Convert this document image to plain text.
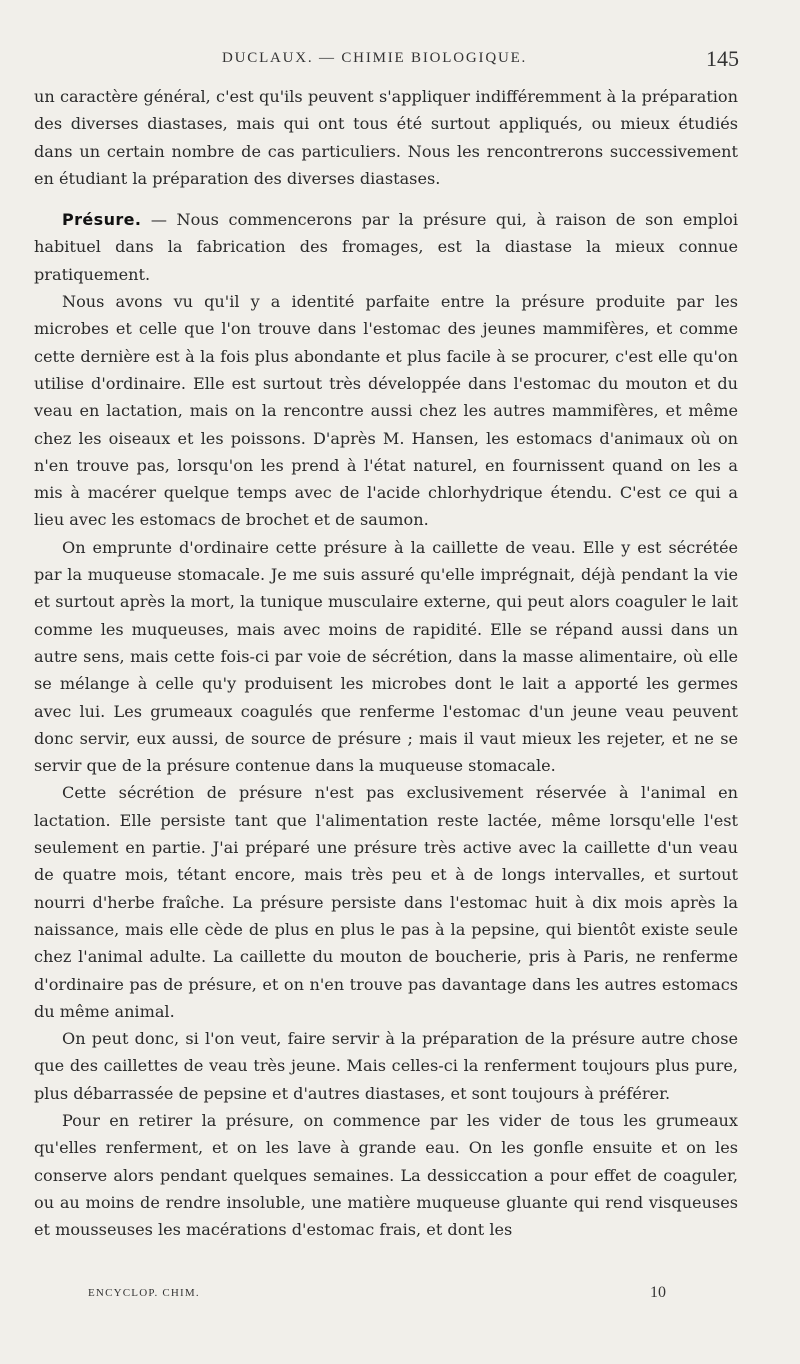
DUCLAUX. — CHIMIE BIOLOGIQUE.	145

un caractère général, c'est qu'ils peuvent s'appliquer indifféremment à la préparation des diverses diastases, mais qui ont tous été surtout appliqués, ou mieux étudiés dans un certain nombre de cas particuliers. Nous les rencontrerons successivement en étudiant la préparation des diverses diastases.

Présure. — Nous commencerons par la présure qui, à raison de son emploi habituel dans la fabrication des fromages, est la diastase la mieux connue pratiquement.

Nous avons vu qu'il y a identité parfaite entre la présure produite par les microbes et celle que l'on trouve dans l'estomac des jeunes mammifères, et comme cette dernière est à la fois plus abondante et plus facile à se procurer, c'est elle qu'on utilise d'ordinaire. Elle est surtout très développée dans l'estomac du mouton et du veau en lactation, mais on la rencontre aussi chez les autres mammifères, et même chez les oiseaux et les poissons. D'après M. Hansen, les estomacs d'animaux où on n'en trouve pas, lorsqu'on les prend à l'état naturel, en fournissent quand on les a mis à macérer quelque temps avec de l'acide chlorhydrique étendu. C'est ce qui a lieu avec les estomacs de brochet et de saumon.

On emprunte d'ordinaire cette présure à la caillette de veau. Elle y est sécrétée par la muqueuse stomacale. Je me suis assuré qu'elle imprégnait, déjà pendant la vie et surtout après la mort, la tunique musculaire externe, qui peut alors coaguler le lait comme les muqueuses, mais avec moins de rapidité. Elle se répand aussi dans un autre sens, mais cette fois-ci par voie de sécrétion, dans la masse alimentaire, où elle se mélange à celle qu'y produisent les microbes dont le lait a apporté les germes avec lui. Les grumeaux coagulés que renferme l'estomac d'un jeune veau peuvent donc servir, eux aussi, de source de présure ; mais il vaut mieux les rejeter, et ne se servir que de la présure contenue dans la muqueuse stomacale.

Cette sécrétion de présure n'est pas exclusivement réservée à l'animal en lactation. Elle persiste tant que l'alimentation reste lactée, même lorsqu'elle l'est seulement en partie. J'ai préparé une présure très active avec la caillette d'un veau de quatre mois, tétant encore, mais très peu et à de longs intervalles, et surtout nourri d'herbe fraîche. La présure persiste dans l'estomac huit à dix mois après la naissance, mais elle cède de plus en plus le pas à la pepsine, qui bientôt existe seule chez l'animal adulte. La caillette du mouton de boucherie, pris à Paris, ne renferme d'ordinaire pas de présure, et on n'en trouve pas davantage dans les autres estomacs du même animal.

On peut donc, si l'on veut, faire servir à la préparation de la présure autre chose que des caillettes de veau très jeune. Mais celles-ci la renferment toujours plus pure, plus débarrassée de pepsine et d'autres diastases, et sont toujours à préférer.

Pour en retirer la présure, on commence par les vider de tous les grumeaux qu'elles renferment, et on les lave à grande eau. On les gonfle ensuite et on les conserve alors pendant quelques semaines. La dessiccation a pour effet de coaguler, ou au moins de rendre insoluble, une matière muqueuse gluante qui rend visqueuses et mousseuses les macérations d'estomac frais, et dont les

ENCYCLOP. CHIM.	10
